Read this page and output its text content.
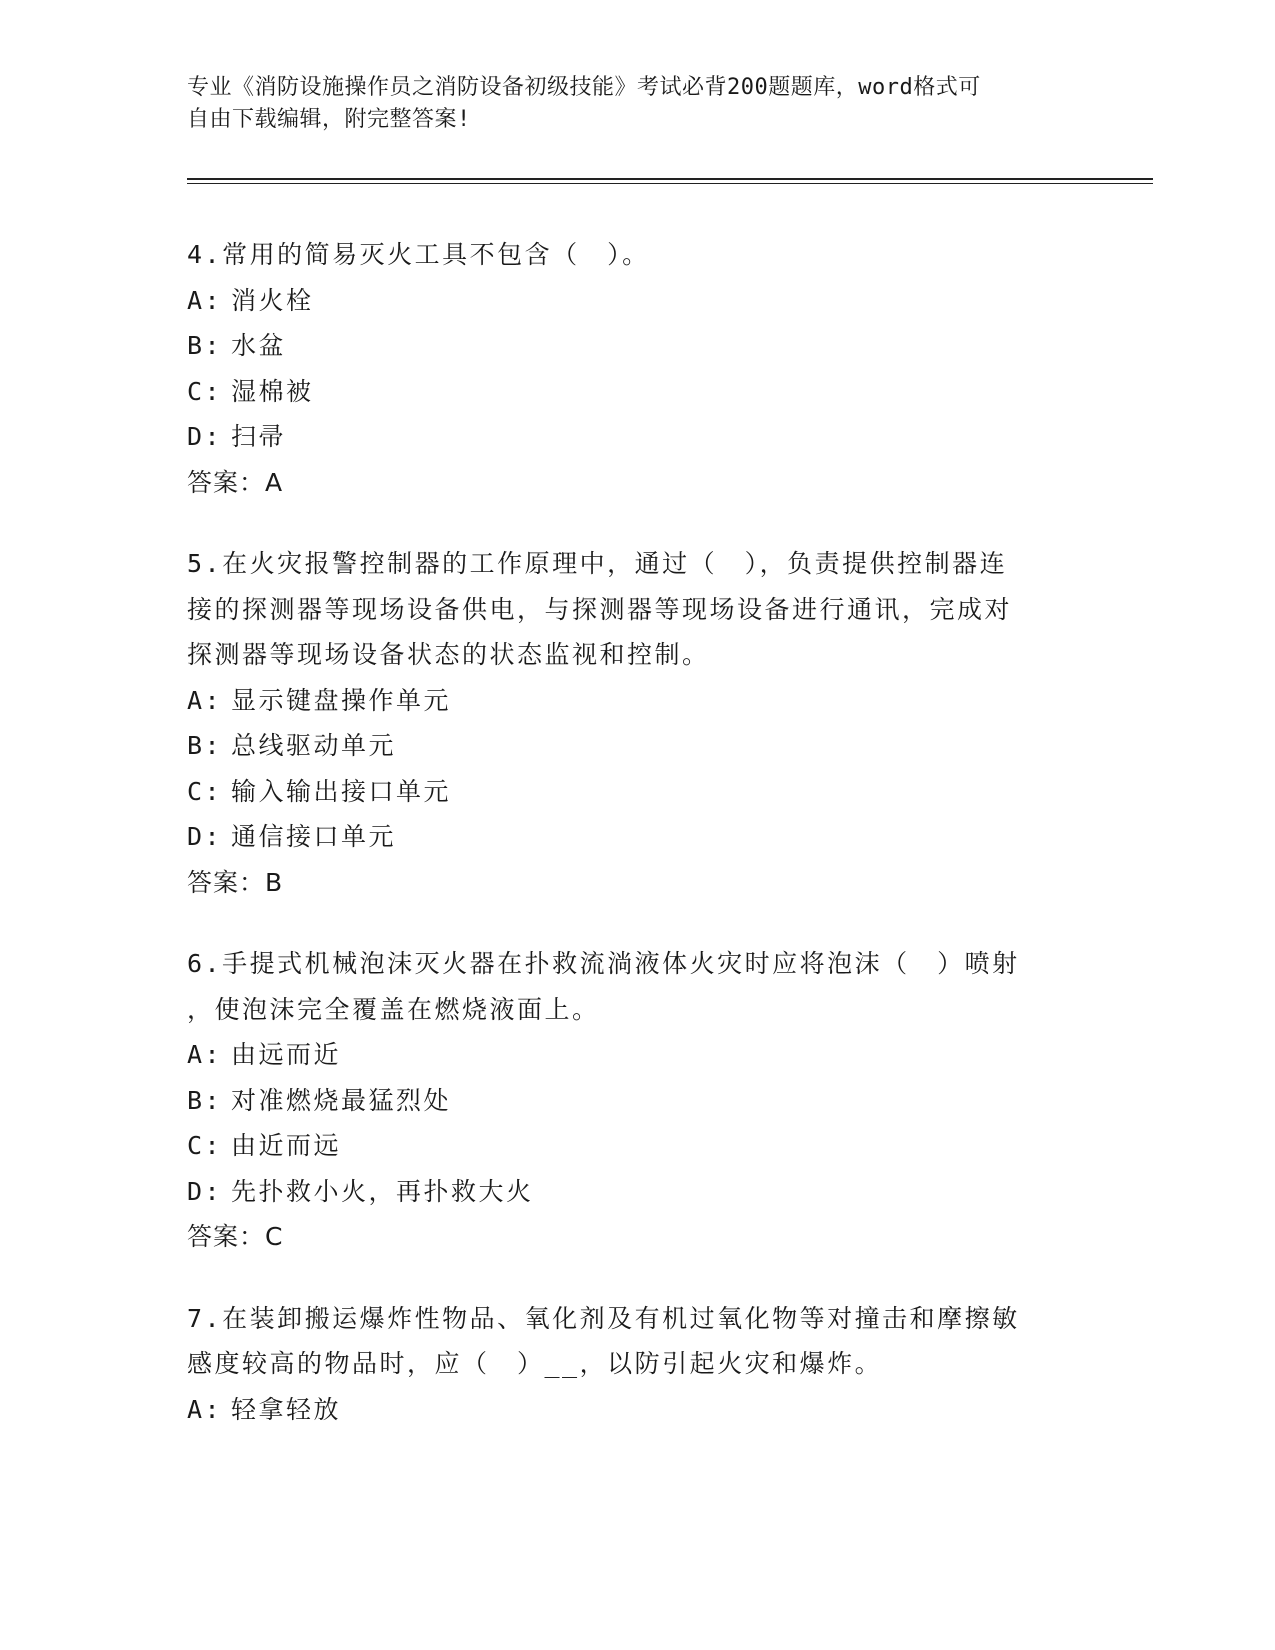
专业《消防设施操作员之消防设备初级技能》考试必背200题题库，word格式可
自由下载编辑，附完整答案!
4.常用的简易灭火工具不包含（　）。
A: 消火栓
B: 水盆
C: 湿棉被
D: 扫帚
答案：A
5.在火灾报警控制器的工作原理中，通过（　），负责提供控制器连
接的探测器等现场设备供电，与探测器等现场设备进行通讯，完成对
探测器等现场设备状态的状态监视和控制。
A: 显示键盘操作单元
B: 总线驱动单元
C: 输入输出接口单元
D: 通信接口单元
答案：B
6.手提式机械泡沫灭火器在扑救流淌液体火灾时应将泡沫（　）喷射
，使泡沫完全覆盖在燃烧液面上。
A: 由远而近
B: 对准燃烧最猛烈处
C: 由近而远
D: 先扑救小火，再扑救大火
答案：C
7.在装卸搬运爆炸性物品、氧化剂及有机过氧化物等对撞击和摩擦敏
感度较高的物品时，应（　）__，以防引起火灾和爆炸。
A: 轻拿轻放
